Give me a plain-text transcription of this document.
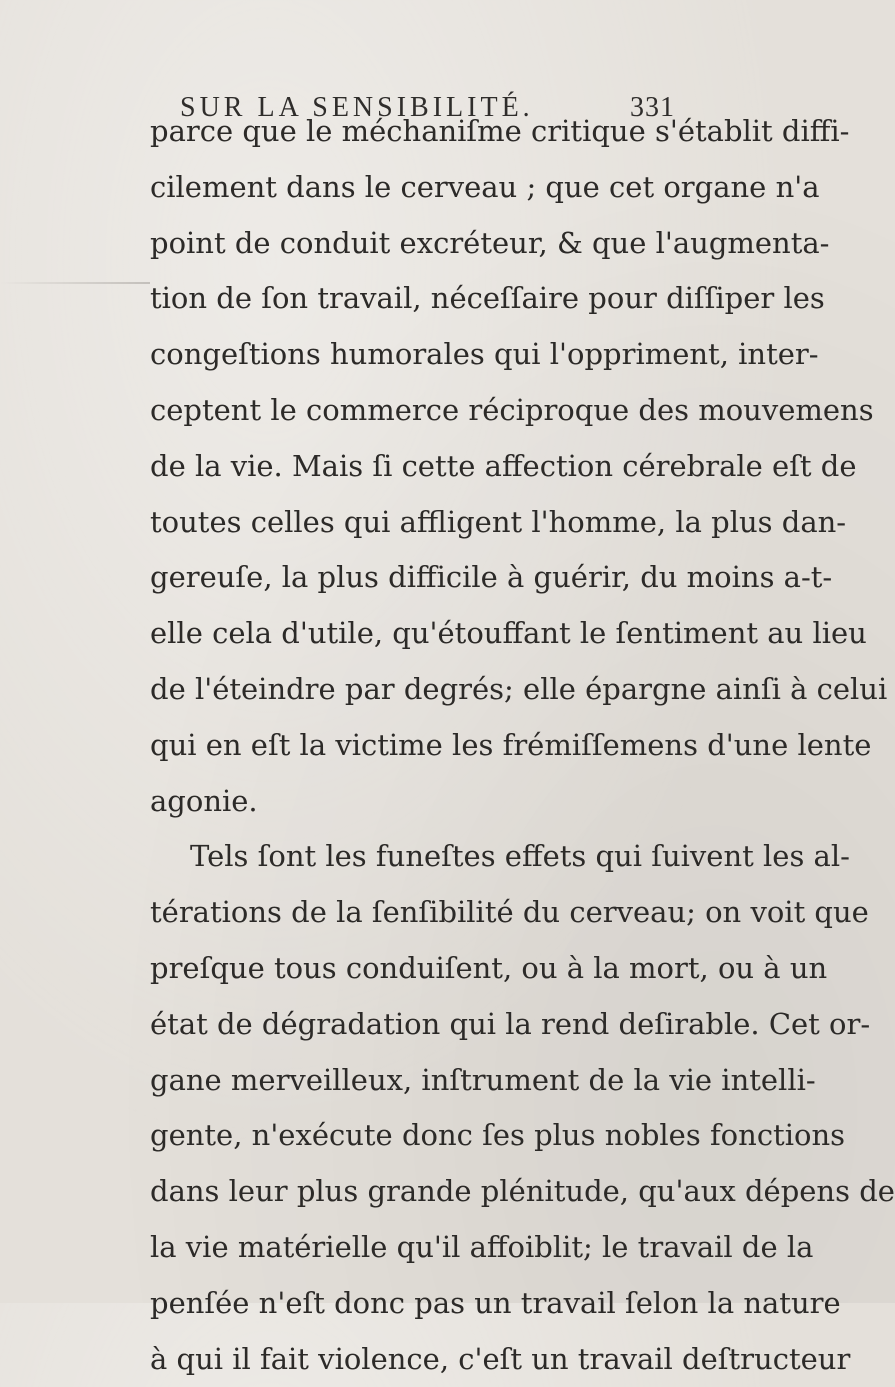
SUR LA SENSIBILITÉ.	331
parce que le méchaniſme critique s'établit diffi-
cilement dans le cerveau ; que cet organe n'a
point de conduit excréteur, & que l'augmenta-
tion de ſon travail, néceſſaire pour diſſiper les
congeſtions humorales qui l'oppriment, inter-
ceptent le commerce réciproque des mouvemens
de la vie. Mais ſi cette affection cérebrale eſt de
toutes celles qui affligent l'homme, la plus dan-
gereuſe, la plus difficile à guérir, du moins a-t-
elle cela d'utile, qu'étouffant le ſentiment au lieu
de l'éteindre par degrés; elle épargne ainſi à celui
qui en eſt la victime les frémiſſemens d'une lente
agonie.
Tels ſont les funeſtes effets qui ſuivent les al-
térations de la ſenſibilité du cerveau; on voit que
preſque tous conduiſent, ou à la mort, ou à un
état de dégradation qui la rend deſirable. Cet or-
gane merveilleux, inſtrument de la vie intelli-
gente, n'exécute donc ſes plus nobles fonctions
dans leur plus grande plénitude, qu'aux dépens de
la vie matérielle qu'il affoiblit; le travail de la
penſée n'eſt donc pas un travail ſelon la nature
à qui il fait violence, c'eſt un travail deſtructeur
